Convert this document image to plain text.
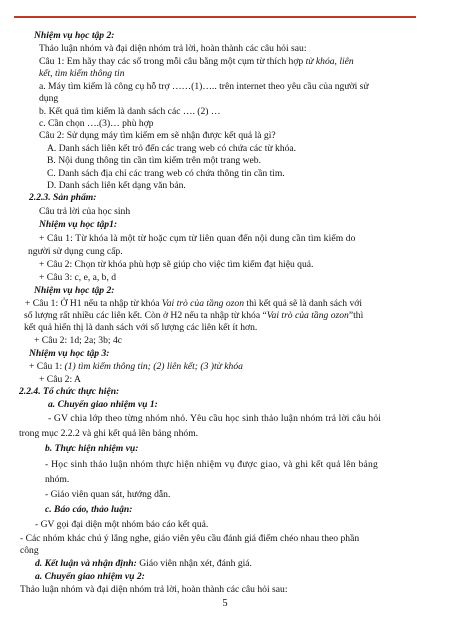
Nhiệm vụ học tập 2:
Thảo luận nhóm và đại diện nhóm trả lời, hoàn thành các câu hỏi sau:
Câu 1: Em hãy thay các số trong mỗi câu bằng một cụm từ thích hợp từ khóa, liên
kết, tìm kiếm thông tin
a. Máy tìm kiếm là công cụ hỗ trợ ……(1)….. trên internet theo yêu cầu của người sử
dụng
b. Kết quả tìm kiếm là danh sách các …. (2) …
c. Cần chọn ….(3)… phù hợp
Câu 2: Sử dụng máy tìm kiếm em sẽ nhận được kết quả là gì?
A. Danh sách liên kết trỏ đến các trang web có chứa các từ khóa.
B. Nội dung thông tin cần tìm kiếm trên một trang web.
C. Danh sách địa chỉ các trang web có chứa thông tin cần tìm.
D. Danh sách liên kết dạng văn bản.
2.2.3. Sản phẩm:
Câu trả lời của học sinh
Nhiệm vụ học tập1:
+ Câu 1: Từ khóa là một từ hoặc cụm từ liên quan đến nội dung cần tìm kiếm do
người sử dụng cung cấp.
+ Câu 2: Chọn từ khóa phù hợp sẽ giúp cho việc tìm kiếm đạt hiệu quả.
+ Câu 3: c, e, a, b, d
Nhiệm vụ học tập 2:
+ Câu 1: Ở H1 nếu ta nhập từ khóa Vai trò của tầng ozon thì kết quả sẽ là danh sách với
số lượng rất nhiều các liên kết. Còn ở H2 nếu ta nhập từ khóa “Vai trò của tầng ozon”thì
kết quả hiển thị là danh sách với số lượng các liên kết ít hơn.
+ Câu 2: 1d; 2a; 3b; 4c
Nhiệm vụ học tập 3:
+ Câu 1: (1) tìm kiếm thông tin; (2) liên kết; (3 )từ khóa
+ Câu 2: A
2.2.4. Tổ chức thực hiện:
a. Chuyển giao nhiệm vụ 1:
- GV chia lớp theo từng nhóm nhỏ. Yêu cầu học sinh thảo luận nhóm trả lời câu hỏi
trong mục 2.2.2 và ghi kết quả lên bảng nhóm.
b. Thực hiện nhiệm vụ:
- Học sinh thảo luận nhóm thực hiện nhiệm vụ được giao, và ghi kết quả lên bảng
nhóm.
- Giáo viên quan sát, hướng dẫn.
c. Báo cáo, thảo luận:
- GV gọi đại diện một nhóm báo cáo kết quả.
- Các nhóm khác chú ý lắng nghe, giáo viên yêu cầu đánh giá điểm chéo nhau theo phần
công
d. Kết luận và nhận định: Giáo viên nhận xét, đánh giá.
a. Chuyển giao nhiệm vụ 2:
Thảo luận nhóm và đại diện nhóm trả lời, hoàn thành các câu hỏi sau:
5
